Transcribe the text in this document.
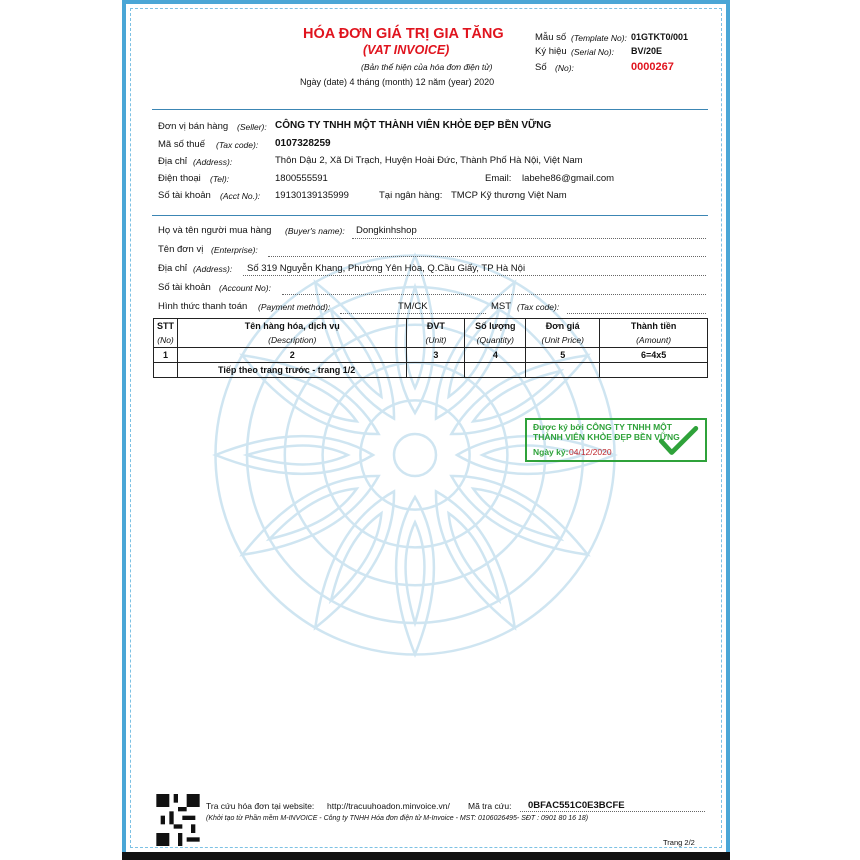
HÓA ĐƠN GIÁ TRỊ GIA TĂNG
(VAT INVOICE)
(Bản thể hiện của hóa đơn điện tử)
Ngày (date) 4 tháng (month) 12 năm (year) 2020
Mẫu số (Template No): 01GTKT0/001
Ký hiệu (Serial No): BV/20E
Số (No):	0000267
Đơn vị bán hàng (Seller): CÔNG TY TNHH MỘT THÀNH VIÊN KHỎE ĐẸP BỀN VỮNG
Mã số thuế (Tax code): 0107328259
Địa chỉ (Address):	Thôn Dậu 2, Xã Di Trạch, Huyện Hoài Đức, Thành Phố Hà Nội, Việt Nam
Điện thoại (Tel):	1800555591	Email: labehe86@gmail.com
Số tài khoản (Acct No.): 19130139135999	Tại ngân hàng: TMCP Kỹ thương Việt Nam
Họ và tên người mua hàng (Buyer's name): Dongkinhshop
Tên đơn vị (Enterprise):
Địa chỉ (Address): Số 319 Nguyễn Khang, Phường Yên Hòa, Q.Cầu Giấy, TP Hà Nội
Số tài khoản (Account No):
Hình thức thanh toán (Payment method):	TM/CK	MST (Tax code):
STT	Tên hàng hóa, dịch vụ	ĐVT	Số lượng	Đơn giá	Thành tiền
(No)	(Description)	(Unit)	(Quantity)	(Unit Price)	(Amount)
1	2	3	4	5	6=4x5
	Tiếp theo trang trước - trang 1/2				
Được ký bởi CÔNG TY TNHH MỘT
THÀNH VIÊN KHỎE ĐẸP BỀN VỮNG
Ngày ký: 04/12/2020
Tra cứu hóa đơn tại website: http://tracuuhoadon.minvoice.vn/ Mã tra cứu: 0BFAC551C0E3BCFE
(Khởi tạo từ Phần mềm M-INVOICE - Công ty TNHH Hóa đơn điện tử M-Invoice - MST: 0106026495- SĐT : 0901 80 16 18)
Trang 2/2
